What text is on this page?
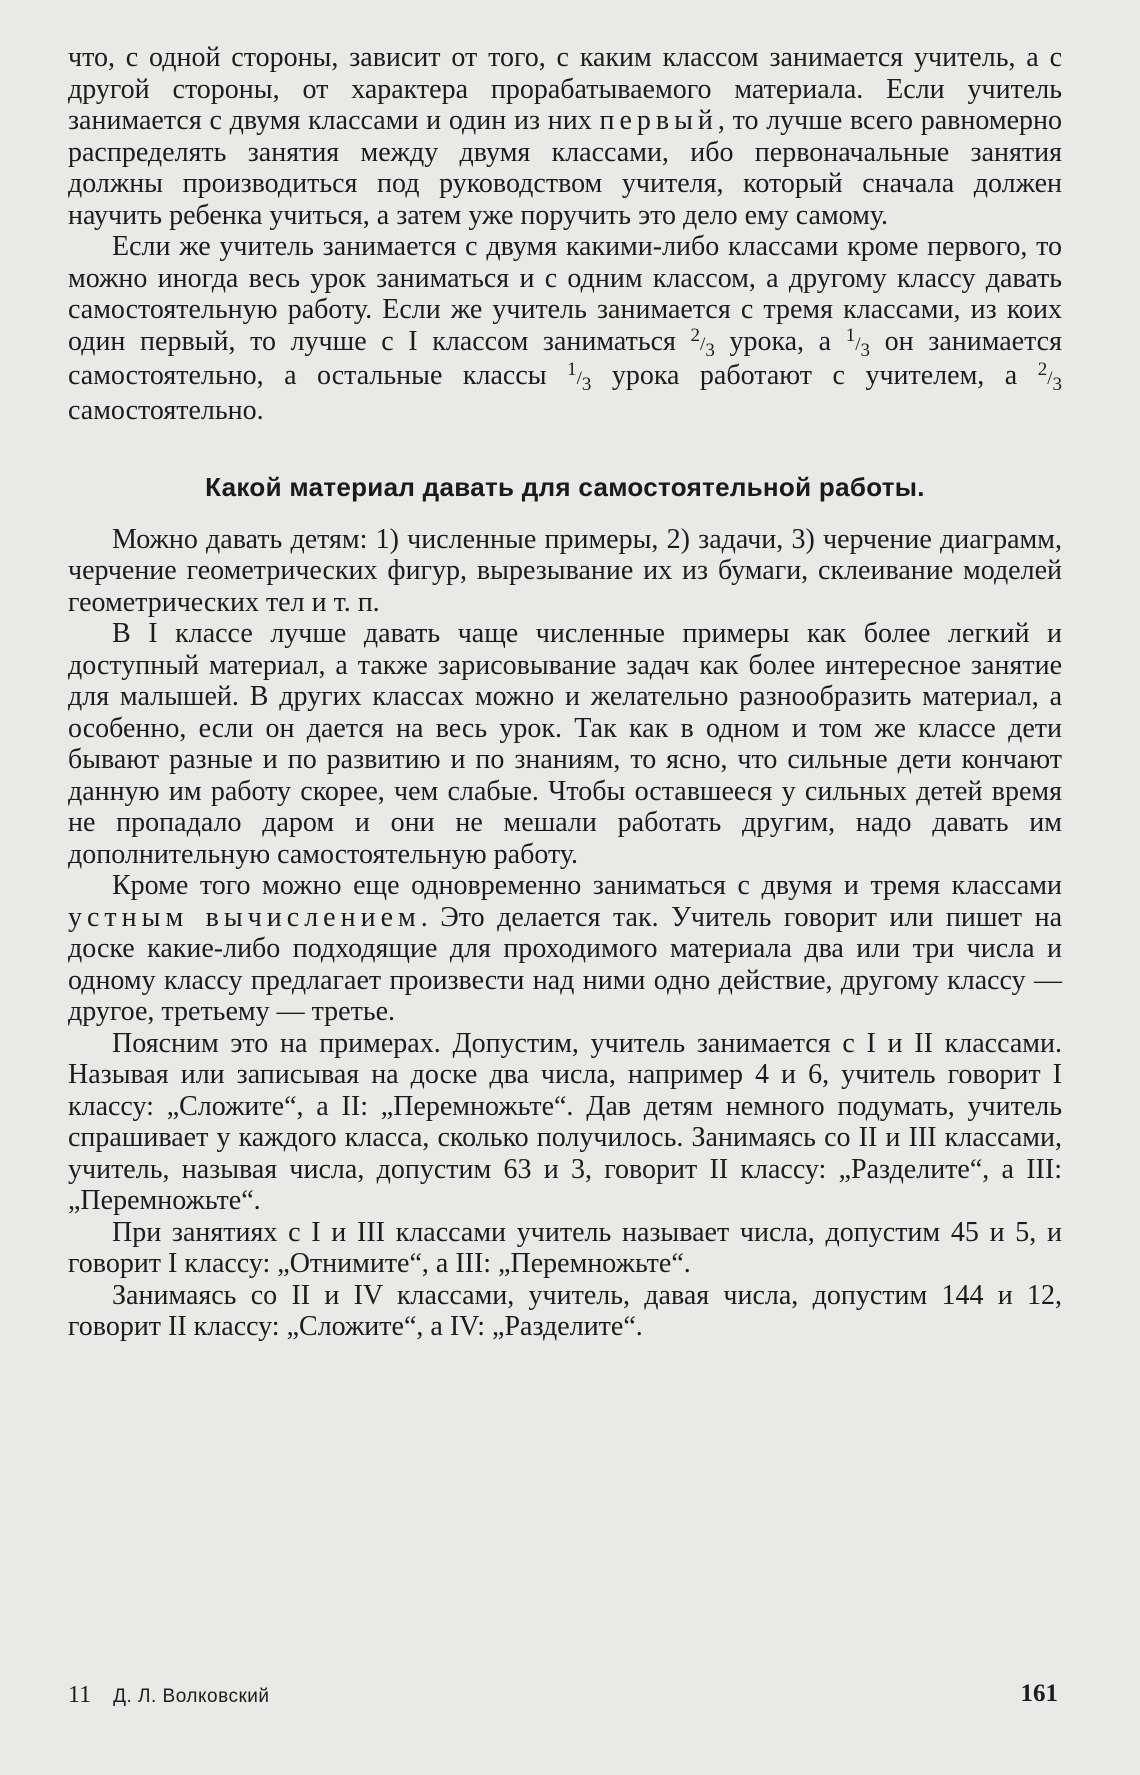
что, с одной стороны, зависит от того, с каким классом занимается учитель, а с другой стороны, от характера прорабатываемого материала. Если учитель занимается с двумя классами и один из них первый, то лучше всего равномерно распределять занятия между двумя классами, ибо первоначальные занятия должны производиться под руководством учителя, который сначала должен научить ребенка учиться, а затем уже поручить это дело ему самому.

Если же учитель занимается с двумя какими-либо классами кроме первого, то можно иногда весь урок заниматься и с одним классом, а другому классу давать самостоятельную работу. Если же учитель занимается с тремя классами, из коих один первый, то лучше с I классом заниматься 2/3 урока, а 1/3 он занимается самостоятельно, а остальные классы 1/3 урока работают с учителем, а 2/3 самостоятельно.

Какой материал давать для самостоятельной работы.

Можно давать детям: 1) численные примеры, 2) задачи, 3) черчение диаграмм, черчение геометрических фигур, вырезывание их из бумаги, склеивание моделей геометрических тел и т. п.

В I классе лучше давать чаще численные примеры как более легкий и доступный материал, а также зарисовывание задач как более интересное занятие для малышей. В других классах можно и желательно разнообразить материал, а особенно, если он дается на весь урок. Так как в одном и том же классе дети бывают разные и по развитию и по знаниям, то ясно, что сильные дети кончают данную им работу скорее, чем слабые. Чтобы оставшееся у сильных детей время не пропадало даром и они не мешали работать другим, надо давать им дополнительную самостоятельную работу.

Кроме того можно еще одновременно заниматься с двумя и тремя классами устным вычислением. Это делается так. Учитель говорит или пишет на доске какие-либо подходящие для проходимого материала два или три числа и одному классу предлагает произвести над ними одно действие, другому классу — другое, третьему — третье.

Поясним это на примерах. Допустим, учитель занимается с I и II классами. Называя или записывая на доске два числа, например 4 и 6, учитель говорит I классу: „Сложите“, а II: „Перемножьте“. Дав детям немного подумать, учитель спрашивает у каждого класса, сколько получилось. Занимаясь со II и III классами, учитель, называя числа, допустим 63 и 3, говорит II классу: „Разделите“, а III: „Перемножьте“.

При занятиях с I и III классами учитель называет числа, допустим 45 и 5, и говорит I классу: „Отнимите“, а III: „Перемножьте“.

Занимаясь со II и IV классами, учитель, давая числа, допустим 144 и 12, говорит II классу: „Сложите“, а IV: „Разделите“.

11 Д. Л. Волковский	161
